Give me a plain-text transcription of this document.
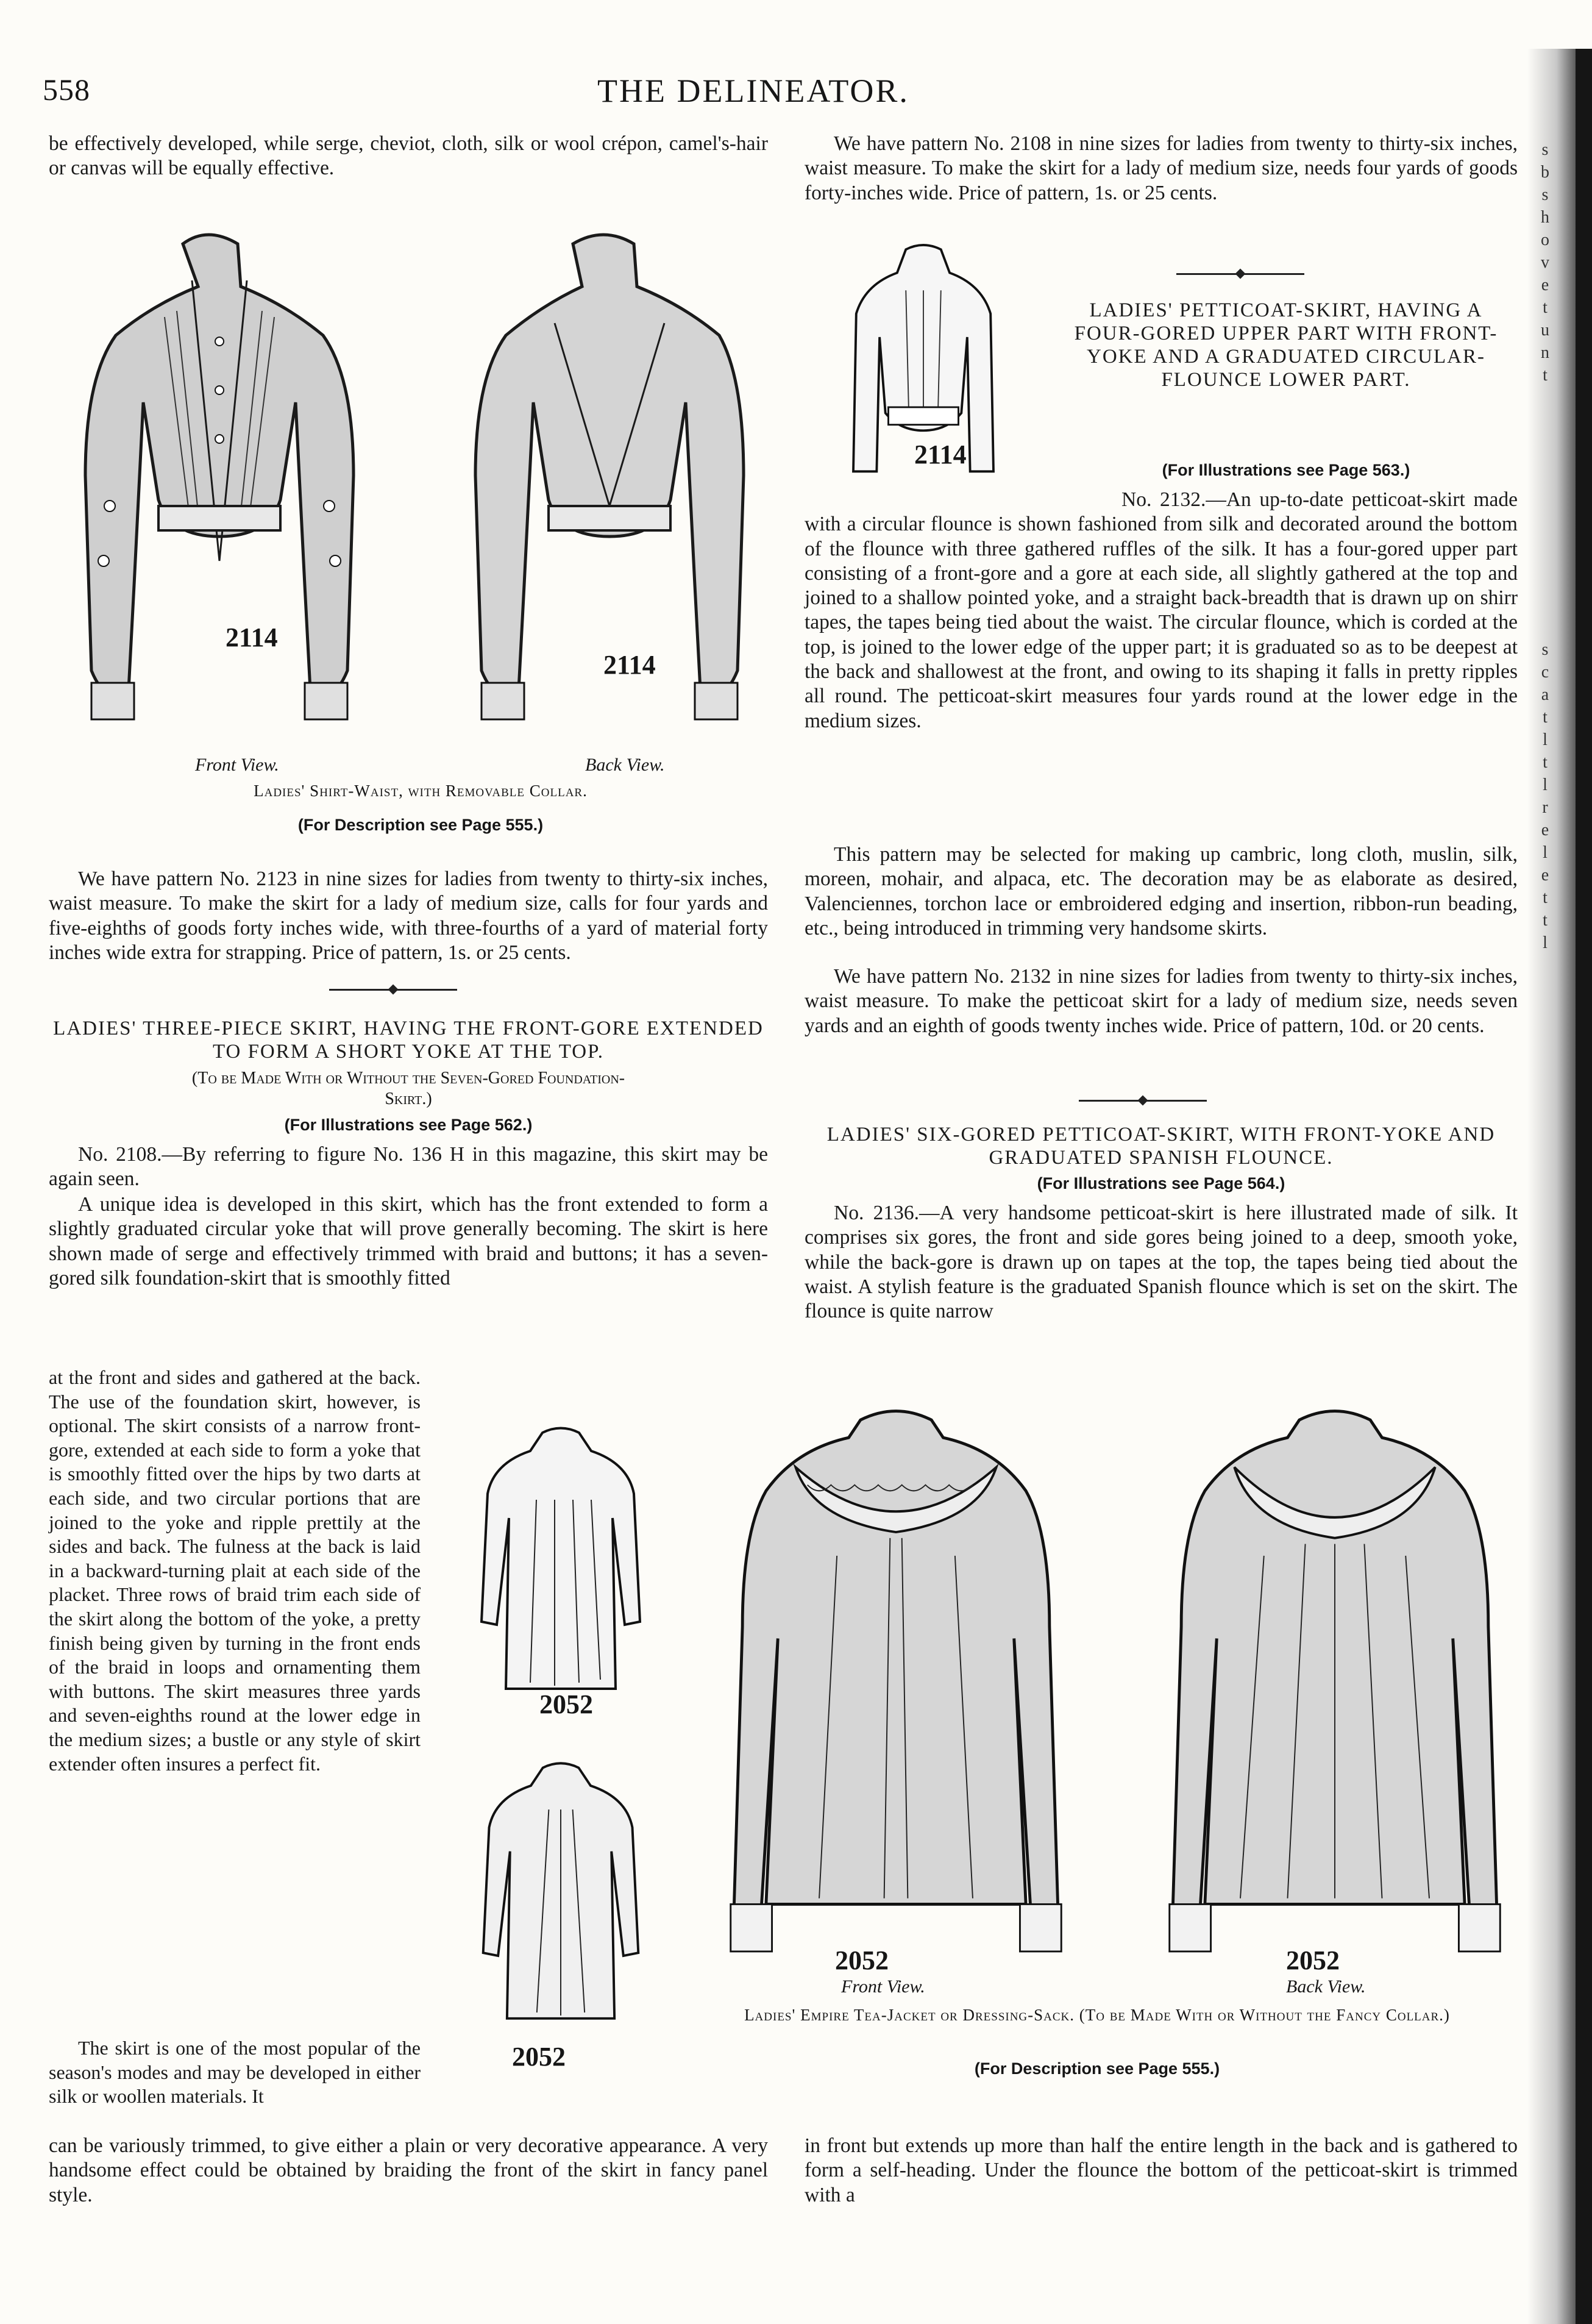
558	THE DELINEATOR.
be effectively developed, while serge, cheviot, cloth, silk or wool crépon, camel's-hair or canvas will be equally effective.
2114
2114
Front View.	Back View.
Ladies' Shirt-Waist, with Removable Collar.
(For Description see Page 555.)
We have pattern No. 2123 in nine sizes for ladies from twenty to thirty-six inches, waist measure. To make the skirt for a lady of medium size, calls for four yards and five-eighths of goods forty inches wide, with three-fourths of a yard of material forty inches wide extra for strapping. Price of pattern, 1s. or 25 cents.
LADIES' THREE-PIECE SKIRT, HAVING THE FRONT-GORE EXTENDED TO FORM A SHORT YOKE AT THE TOP.
(To be Made With or Without the Seven-Gored Foundation-Skirt.)
(For Illustrations see Page 562.)
No. 2108.—By referring to figure No. 136 H in this magazine, this skirt may be again seen.
A unique idea is developed in this skirt, which has the front extended to form a slightly graduated circular yoke that will prove generally becoming. The skirt is here shown made of serge and effectively trimmed with braid and buttons; it has a seven-gored silk foundation-skirt that is smoothly fitted
at the front and sides and gathered at the back. The use of the foundation skirt, however, is optional. The skirt consists of a narrow front-gore, extended at each side to form a yoke that is smoothly fitted over the hips by two darts at each side, and two circular portions that are joined to the yoke and ripple prettily at the sides and back. The fulness at the back is laid in a backward-turning plait at each side of the placket. Three rows of braid trim each side of the skirt along the bottom of the yoke, a pretty finish being given by turning in the front ends of the braid in loops and ornamenting them with buttons. The skirt measures three yards and seven-eighths round at the lower edge in the medium sizes; a bustle or any style of skirt extender often insures a perfect fit.
The skirt is one of the most popular of the season's modes and may be developed in either silk or woollen materials. It
can be variously trimmed, to give either a plain or very decorative appearance. A very handsome effect could be obtained by braiding the front of the skirt in fancy panel style.
2052
2052
We have pattern No. 2108 in nine sizes for ladies from twenty to thirty-six inches, waist measure. To make the skirt for a lady of medium size, needs four yards of goods forty-inches wide. Price of pattern, 1s. or 25 cents.
2114
LADIES' PETTICOAT-SKIRT, HAVING A FOUR-GORED UPPER PART WITH FRONT-YOKE AND A GRADUATED CIRCULAR-FLOUNCE LOWER PART.
(For Illustrations see Page 563.)
No. 2132.—An up-to-date petticoat-skirt made with a circular flounce is shown fashioned from silk and decorated around the bottom of the flounce with three gathered ruffles of the silk. It has a four-gored upper part consisting of a front-gore and a gore at each side, all slightly gathered at the top and joined to a shallow pointed yoke, and a straight back-breadth that is drawn up on shirr tapes, the tapes being tied about the waist. The circular flounce, which is corded at the top, is joined to the lower edge of the upper part; it is graduated so as to be deepest at the back and shallowest at the front, and owing to its shaping it falls in pretty ripples all round. The petticoat-skirt measures four yards round at the lower edge in the medium sizes.
This pattern may be selected for making up cambric, long cloth, muslin, silk, moreen, mohair, and alpaca, etc. The decoration may be as elaborate as desired, Valenciennes, torchon lace or embroidered edging and insertion, ribbon-run beading, etc., being introduced in trimming very handsome skirts.
We have pattern No. 2132 in nine sizes for ladies from twenty to thirty-six inches, waist measure. To make the petticoat skirt for a lady of medium size, needs seven yards and an eighth of goods twenty inches wide. Price of pattern, 10d. or 20 cents.
LADIES' SIX-GORED PETTICOAT-SKIRT, WITH FRONT-YOKE AND GRADUATED SPANISH FLOUNCE.
(For Illustrations see Page 564.)
No. 2136.—A very handsome petticoat-skirt is here illustrated made of silk. It comprises six gores, the front and side gores being joined to a deep, smooth yoke, while the back-gore is drawn up on tapes at the top, the tapes being tied about the waist. A stylish feature is the graduated Spanish flounce which is set on the skirt. The flounce is quite narrow
2052	2052
Front View.	Back View.
Ladies' Empire Tea-Jacket or Dressing-Sack. (To be Made With or Without the Fancy Collar.)
(For Description see Page 555.)
in front but extends up more than half the entire length in the back and is gathered to form a self-heading. Under the flounce the bottom of the petticoat-skirt is trimmed with a
s
b
s
h
o
v
e
t
u
n
t
s
c
a
t
l
t
l
r
e
l
e
t
t
l
